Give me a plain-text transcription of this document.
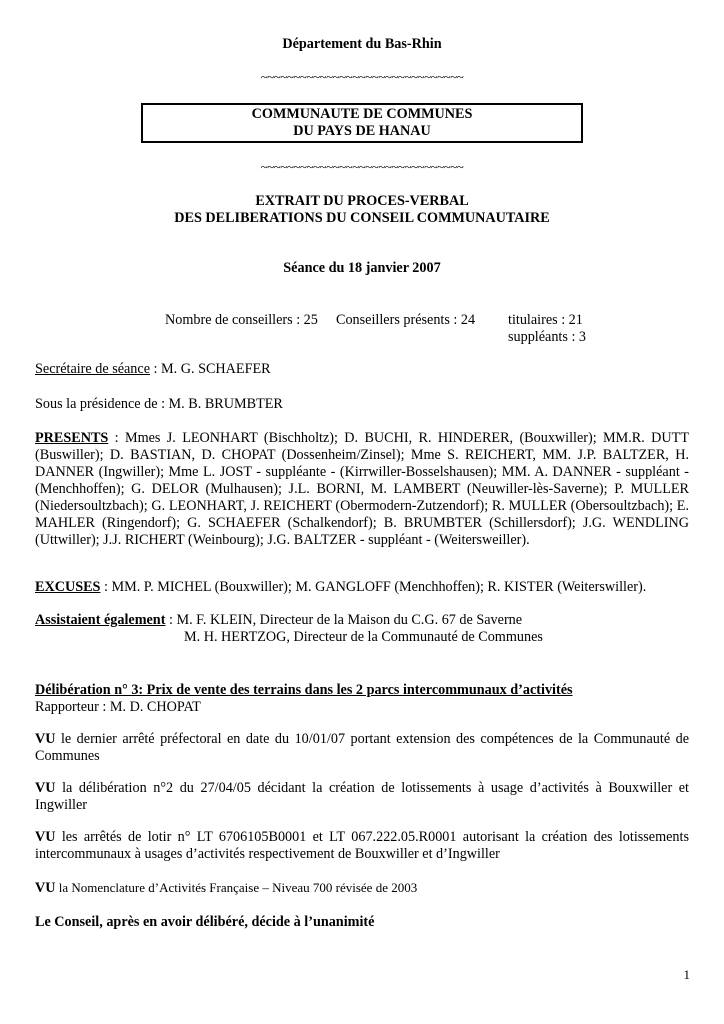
Département du Bas-Rhin
~~~~~~~~~~~~~~~~~~~~~~~~~~~~~~~
COMMUNAUTE DE COMMUNES
DU PAYS DE HANAU
~~~~~~~~~~~~~~~~~~~~~~~~~~~~~~~
EXTRAIT DU PROCES-VERBAL
DES DELIBERATIONS DU CONSEIL COMMUNAUTAIRE
Séance du 18 janvier 2007
Nombre de conseillers : 25 Conseillers présents : 24 titulaires : 21
suppléants : 3
Secrétaire de séance : M. G. SCHAEFER
Sous la présidence de : M. B. BRUMBTER
PRESENTS : Mmes J. LEONHART (Bischholtz); D. BUCHI, R. HINDERER, (Bouxwiller); MM.R. DUTT (Buswiller); D. BASTIAN, D. CHOPAT (Dossenheim/Zinsel); Mme S. REICHERT, MM. J.P. BALTZER, H. DANNER (Ingwiller); Mme L. JOST - suppléante - (Kirrwiller-Bosselshausen); MM. A. DANNER - suppléant - (Menchhoffen); G. DELOR (Mulhausen); J.L. BORNI, M. LAMBERT (Neuwiller-lès-Saverne); P. MULLER (Niedersoultzbach); G. LEONHART, J. REICHERT (Obermodern-Zutzendorf); R. MULLER (Obersoultzbach); E. MAHLER (Ringendorf); G. SCHAEFER (Schalkendorf); B. BRUMBTER (Schillersdorf); J.G. WENDLING (Uttwiller); J.J. RICHERT (Weinbourg); J.G. BALTZER - suppléant - (Weitersweiller).
EXCUSES : MM. P. MICHEL (Bouxwiller); M. GANGLOFF (Menchhoffen); R. KISTER (Weiterswiller).
Assistaient également : M. F. KLEIN, Directeur de la Maison du C.G. 67 de Saverne
M. H. HERTZOG, Directeur de la Communauté de Communes
Délibération n° 3: Prix de vente des terrains dans les 2 parcs intercommunaux d’activités
Rapporteur : M. D. CHOPAT
VU le dernier arrêté préfectoral en date du 10/01/07 portant extension des compétences de la Communauté de Communes
VU la délibération n°2 du 27/04/05 décidant la création de lotissements à usage d’activités à Bouxwiller et Ingwiller
VU les arrêtés de lotir n° LT 6706105B0001 et LT 067.222.05.R0001 autorisant la création des lotissements intercommunaux à usages d’activités respectivement de Bouxwiller et d’Ingwiller
VU la Nomenclature d’Activités Française – Niveau 700 révisée de 2003
Le Conseil, après en avoir délibéré, décide à l’unanimité
1
